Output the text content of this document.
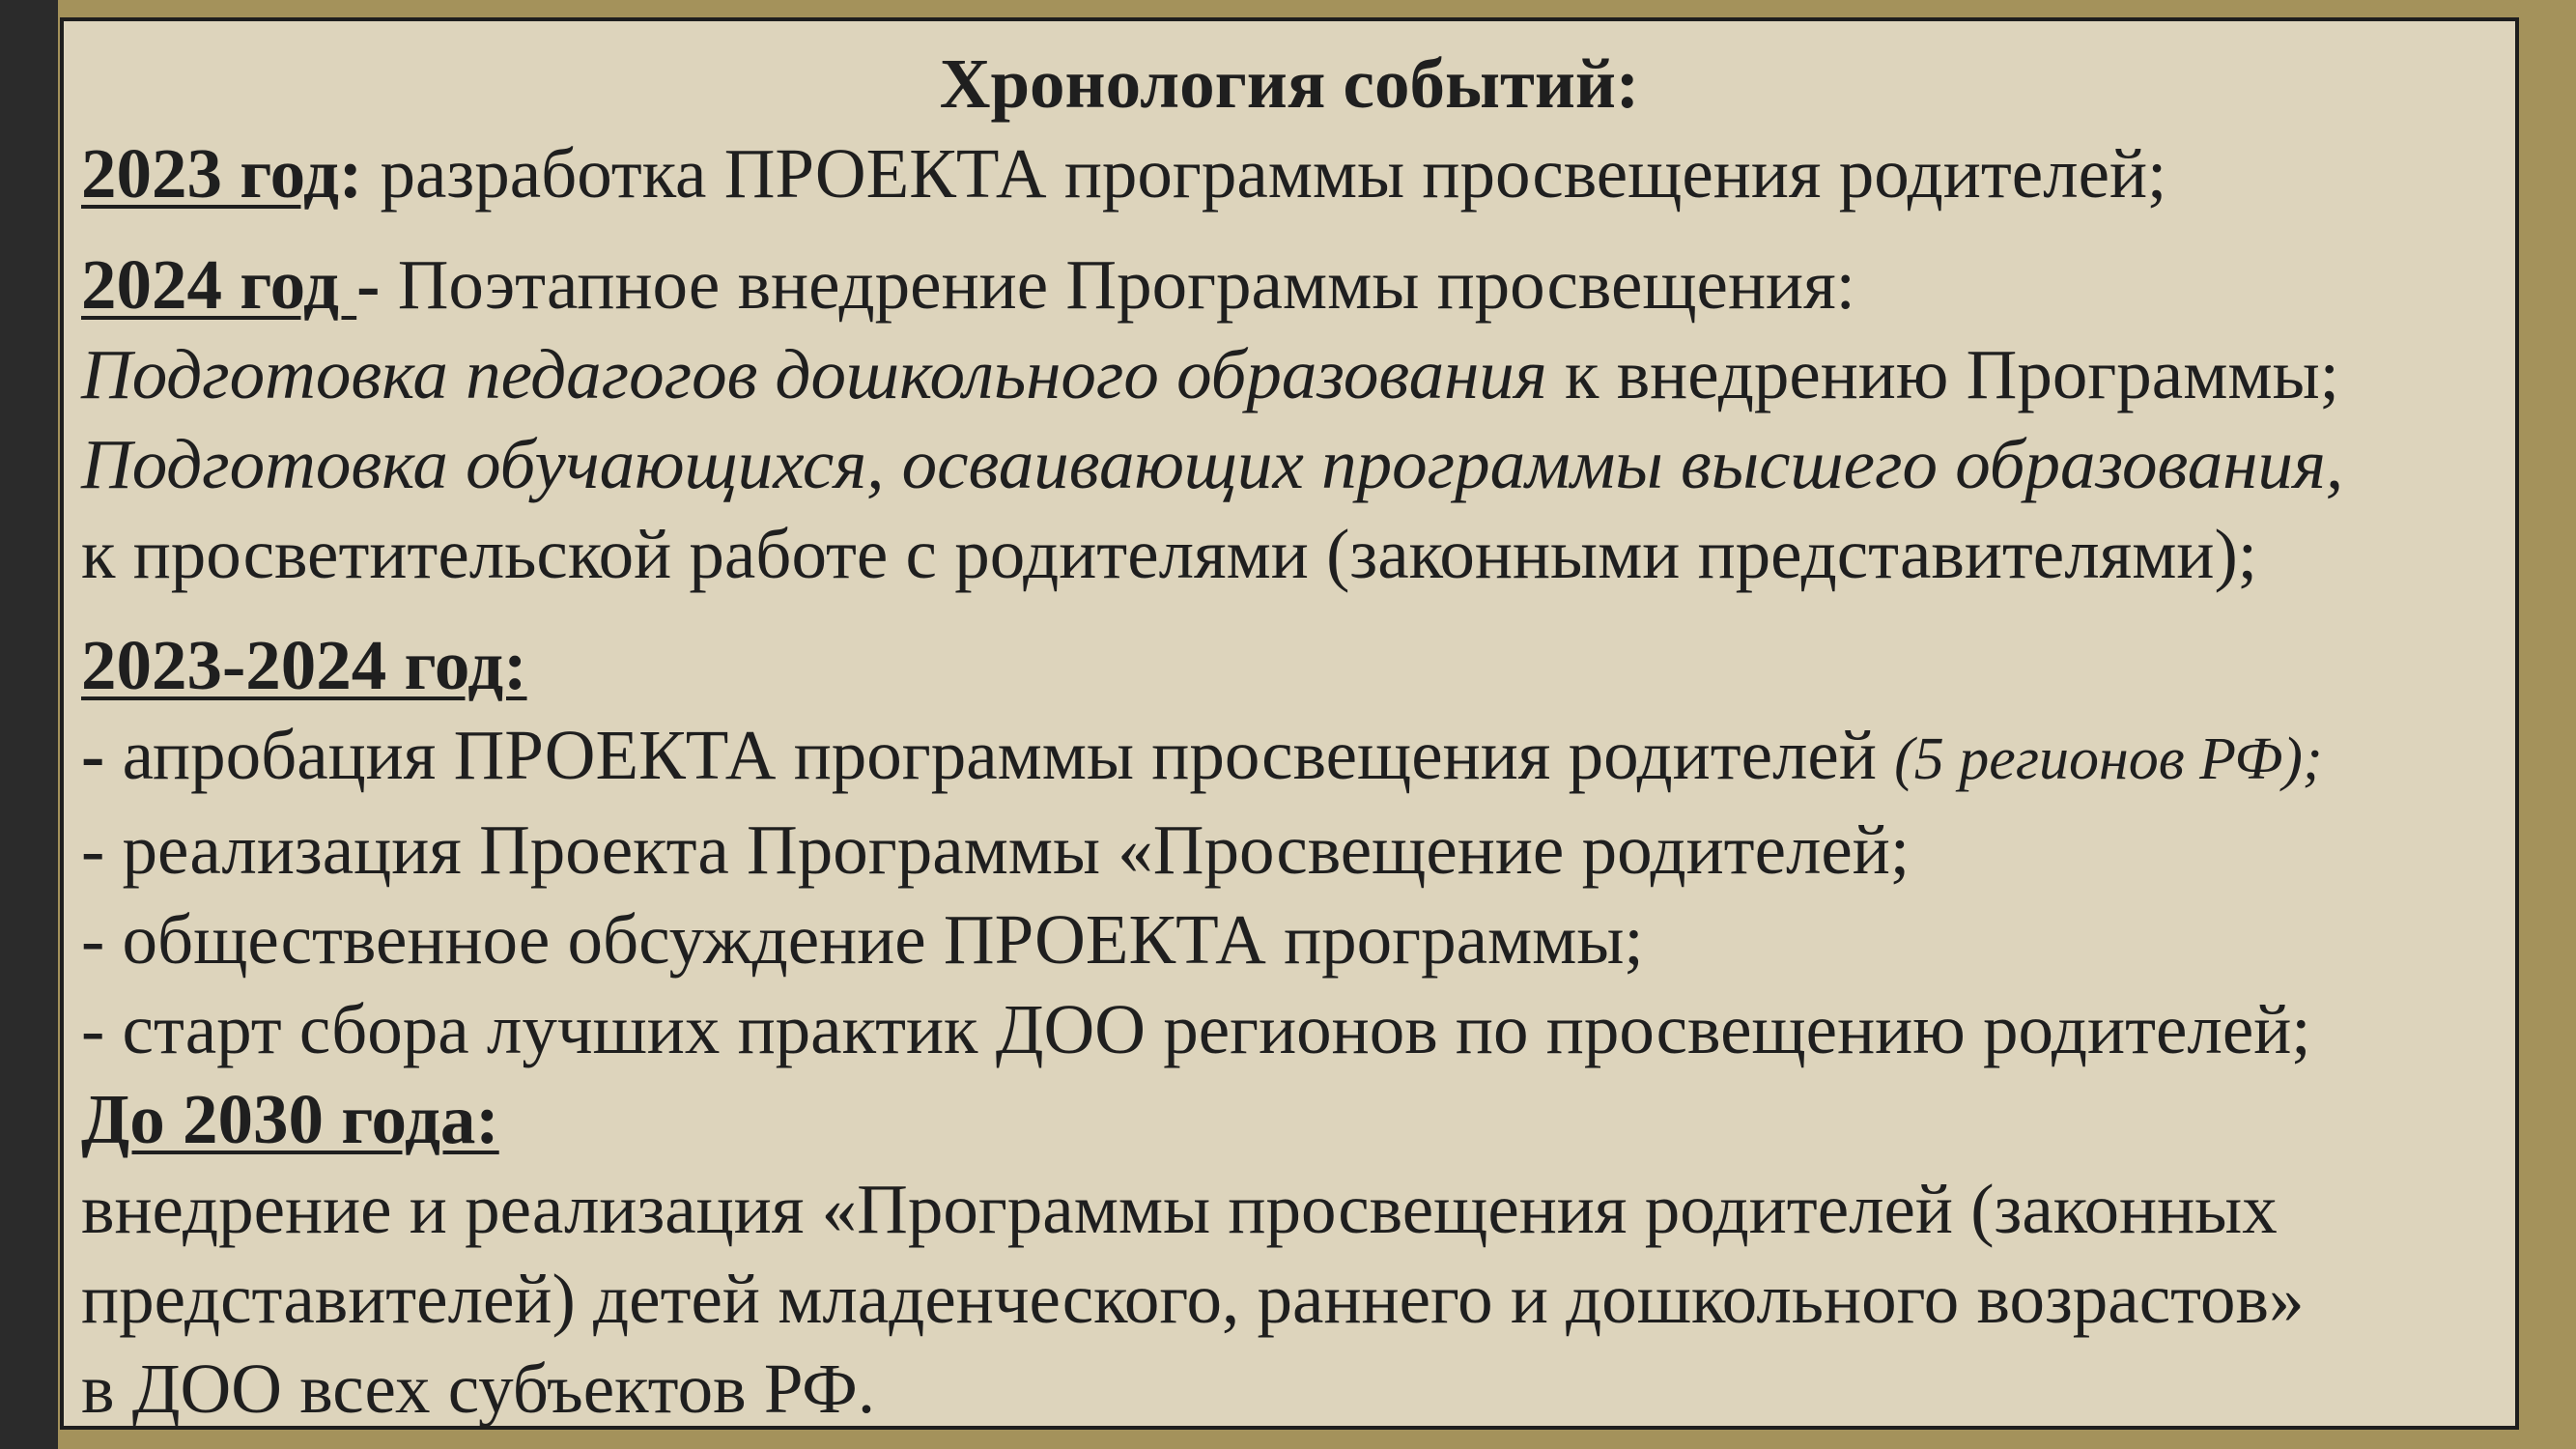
Хронология событий:
2023 год: разработка ПРОЕКТА программы просвещения родителей;
2024 год - Поэтапное внедрение Программы просвещения:
Подготовка педагогов дошкольного образования к внедрению Программы;
Подготовка обучающихся, осваивающих программы высшего образования,
к просветительской работе с родителями (законными представителями);
2023-2024 год:
- апробация ПРОЕКТА программы просвещения родителей (5 регионов РФ);
- реализация Проекта Программы «Просвещение родителей;
- общественное обсуждение ПРОЕКТА программы;
- старт сбора лучших практик ДОО регионов по просвещению родителей;
До 2030 года:
внедрение и реализация «Программы просвещения родителей (законных
представителей) детей младенческого, раннего и дошкольного возрастов»
в ДОО всех субъектов РФ.
